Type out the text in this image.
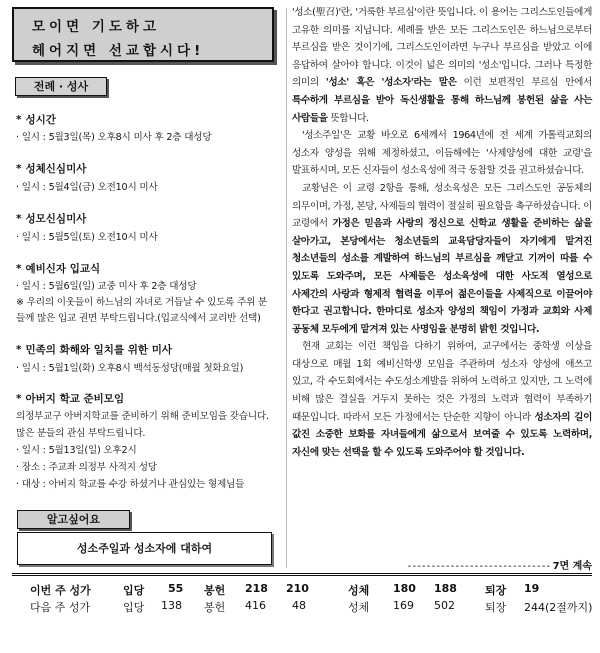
모이면 기도하고
헤어지면 선교합시다!
전례 · 성사
* 성시간
· 일시 : 5월3일(목) 오후8시 미사 후 2층 대성당
* 성체신심미사
· 일시 : 5월4일(금) 오전10시 미사
* 성모신심미사
· 일시 : 5월5일(토) 오전10시 미사
* 예비신자 입교식
· 일시 : 5월6일(일) 교중 미사 후 2층 대성당
※ 우리의 이웃들이 하느님의 자녀로 거듭날 수 있도록 주위 분
들께 많은 입교 권면 부탁드립니다.(입교식에서 교리반 선택)
* 민족의 화해와 일치를 위한 미사
· 일시 : 5월1일(화) 오후8시 백석동성당(매월 첫화요일)
* 아버지 학교 준비모임
의정부교구 아버지학교를 준비하기 위해 준비모임을 갖습니다.
많은 분들의 관심 부탁드립니다.
· 일시 : 5월13일(일) 오후2시
· 장소 : 주교좌 의정부 사적지 성당
· 대상 : 아버지 학교를 수강 하셨거나 관심있는 형제님들
알고싶어요
성소주일과 성소자에 대하여

'성소(聖召)'란, '거룩한 부르심'이란 뜻입니다. 이 용어는 그리스도인들에게 고유한 의미를 지닙니다. 세례를 받은 모든 그리스도인은 하느님으로부터 부르심을 받은 것이기에, 그리스도인이라면 누구나 부르심을 받았고 이에 응답하여 살아야 합니다. 이것이 넓은 의미의 '성소'입니다. 그러나 특정한 의미의 '성소' 혹은 '성소자'라는 말은 이런 보편적인 부르심 안에서 특수하게 부르심을 받아 독신생활을 통해 하느님께 봉헌된 삶을 사는 사람들을 뜻합니다.

'성소주일'은 교황 바오로 6세께서 1964년에 전 세계 가톨릭교회의 성소자 양성을 위해 제정하셨고, 이듬해에는 '사제양성에 대한 교령'을 발표하시며, 모든 신자들이 성소육성에 적극 동참할 것을 권고하셨습니다.

교황님은 이 교령 2항을 통해, 성소육성은 모든 그리스도인 공동체의 의무이며, 가정, 본당, 사제들의 협력이 절실히 필요함을 촉구하셨습니다. 이 교령에서 가정은 믿음과 사랑의 정신으로 신학교 생활을 준비하는 삶을 살아가고, 본당에서는 청소년들의 교육담당자들이 자기에게 맡겨진 청소년들의 성소를 계발하여 하느님의 부르심을 깨닫고 기꺼이 따를 수 있도록 도와주며, 모든 사제들은 성소육성에 대한 사도적 열성으로 사제간의 사랑과 형제적 협력을 이루어 젊은이들을 사제직으로 이끌어야 한다고 권고합니다. 한마디로 성소자 양성의 책임이 가정과 교회와 사제 공동체 모두에게 맡겨져 있는 사명임을 분명히 밝힌 것입니다.

현재 교회는 이런 책임을 다하기 위하여, 교구에서는 중학생 이상을 대상으로 매월 1회 예비신학생 모임을 주관하며 성소자 양성에 애쓰고 있고, 각 수도회에서는 수도성소계발을 위하여 노력하고 있지만, 그 노력에 비해 많은 결실을 거두지 못하는 것은 가정의 노력과 협력이 부족하기 때문입니다. 따라서 모든 가정에서는 단순한 지향이 아니라 성소자의 길이 값진 소중한 보화를 자녀들에게 삶으로서 보여줄 수 있도록 노력하며, 자신에 맞는 선택을 할 수 있도록 도와주어야 할 것입니다.

- - - - - - - - - - - - - - - - - - - - - - - - - - - - - - 7면 계속
이번 주 성가	입당 55 봉헌 218 210	성체 180 188	퇴장 19
다음 주 성가	입당 138 봉헌 416 48	성체 169 502	퇴장 244(2절까지)
